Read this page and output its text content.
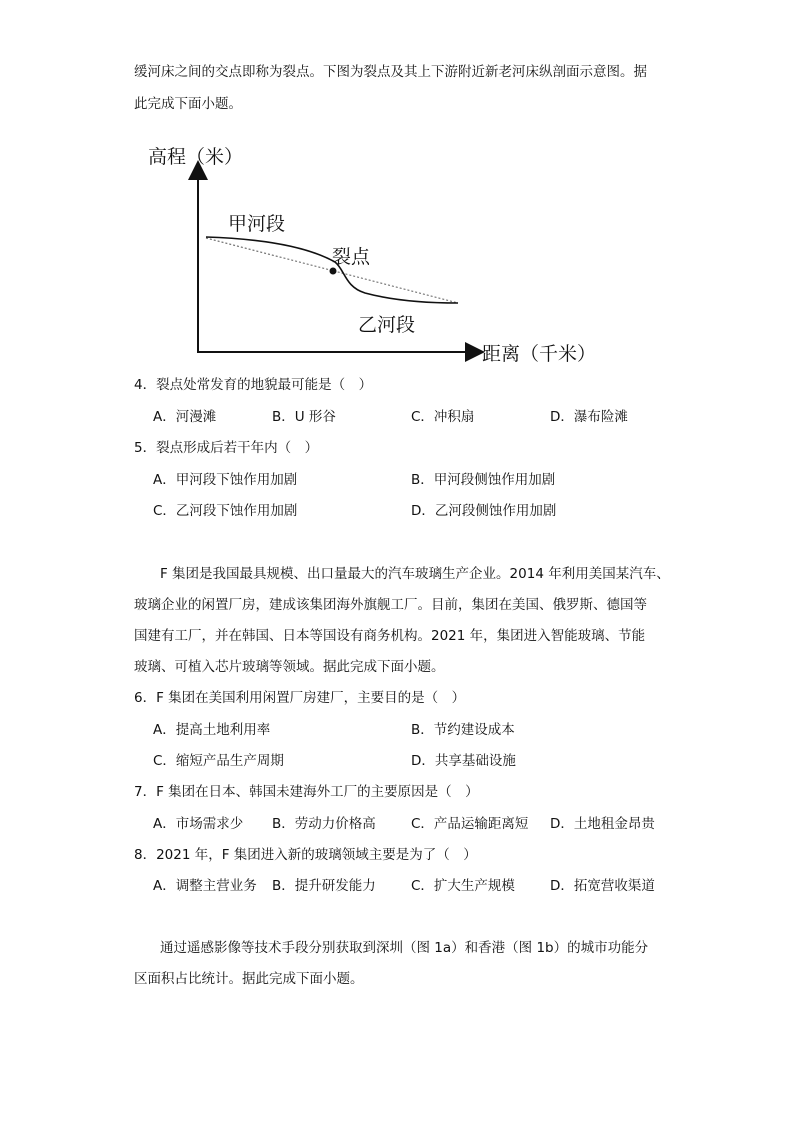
缓河床之间的交点即称为裂点。下图为裂点及其上下游附近新老河床纵剖面示意图。据
此完成下面小题。
高程（米）
甲河段
裂点
乙河段
距离（千米）
4．裂点处常发育的地貌最可能是（　）
A．河漫滩	B．U 形谷	C．冲积扇	D．瀑布险滩
5．裂点形成后若干年内（　）
A．甲河段下蚀作用加剧	B．甲河段侧蚀作用加剧
C．乙河段下蚀作用加剧	D．乙河段侧蚀作用加剧
F 集团是我国最具规模、出口量最大的汽车玻璃生产企业。2014 年利用美国某汽车、
玻璃企业的闲置厂房，建成该集团海外旗舰工厂。目前，集团在美国、俄罗斯、德国等
国建有工厂，并在韩国、日本等国设有商务机构。2021 年，集团进入智能玻璃、节能
玻璃、可植入芯片玻璃等领域。据此完成下面小题。
6．F 集团在美国利用闲置厂房建厂，主要目的是（　）
A．提高土地利用率	B．节约建设成本
C．缩短产品生产周期	D．共享基础设施
7．F 集团在日本、韩国未建海外工厂的主要原因是（　）
A．市场需求少 B．劳动力价格高	C．产品运输距离短 D．土地租金昂贵
8．2021 年，F 集团进入新的玻璃领域主要是为了（　）
A．调整主营业务 B．提升研发能力	C．扩大生产规模	D．拓宽营收渠道
通过遥感影像等技术手段分别获取到深圳（图 1a）和香港（图 1b）的城市功能分
区面积占比统计。据此完成下面小题。
